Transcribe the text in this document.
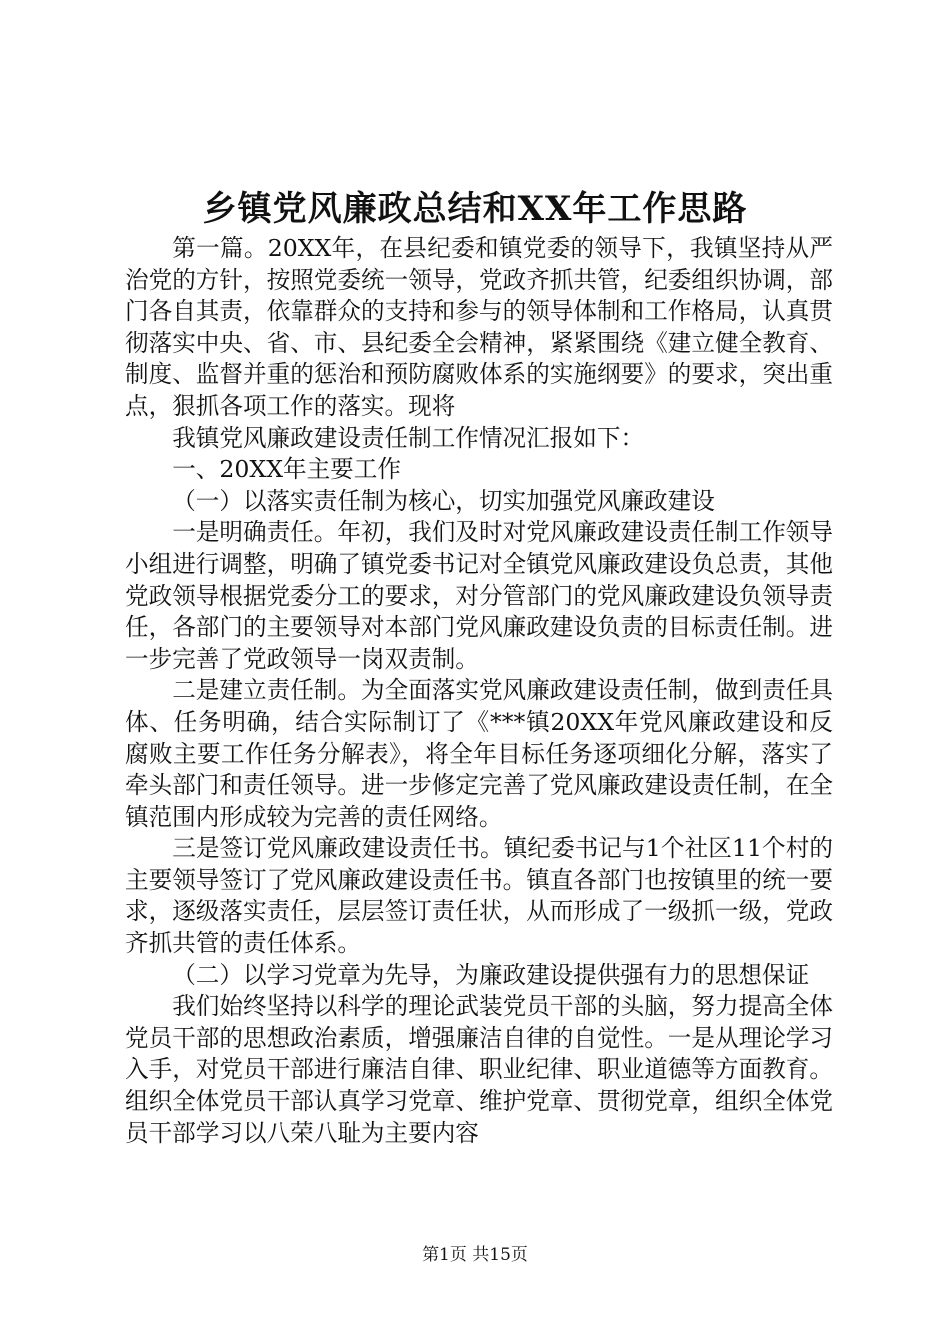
乡镇党风廉政总结和XX年工作思路

第一篇。20XX年，在县纪委和镇党委的领导下，我镇坚持从严治党的方针，按照党委统一领导，党政齐抓共管，纪委组织协调，部门各自其责，依靠群众的支持和参与的领导体制和工作格局，认真贯彻落实中央、省、市、县纪委全会精神，紧紧围绕《建立健全教育、制度、监督并重的惩治和预防腐败体系的实施纲要》的要求，突出重点，狠抓各项工作的落实。现将

我镇党风廉政建设责任制工作情况汇报如下：

一、20XX年主要工作

（一）以落实责任制为核心，切实加强党风廉政建设

一是明确责任。年初，我们及时对党风廉政建设责任制工作领导小组进行调整，明确了镇党委书记对全镇党风廉政建设负总责，其他党政领导根据党委分工的要求，对分管部门的党风廉政建设负领导责任，各部门的主要领导对本部门党风廉政建设负责的目标责任制。进一步完善了党政领导一岗双责制。

二是建立责任制。为全面落实党风廉政建设责任制，做到责任具体、任务明确，结合实际制订了《***镇20XX年党风廉政建设和反腐败主要工作任务分解表》，将全年目标任务逐项细化分解，落实了牵头部门和责任领导。进一步修定完善了党风廉政建设责任制，在全镇范围内形成较为完善的责任网络。

三是签订党风廉政建设责任书。镇纪委书记与1个社区11个村的主要领导签订了党风廉政建设责任书。镇直各部门也按镇里的统一要求，逐级落实责任，层层签订责任状，从而形成了一级抓一级，党政齐抓共管的责任体系。

（二）以学习党章为先导，为廉政建设提供强有力的思想保证

我们始终坚持以科学的理论武装党员干部的头脑，努力提高全体党员干部的思想政治素质，增强廉洁自律的自觉性。一是从理论学习入手，对党员干部进行廉洁自律、职业纪律、职业道德等方面教育。组织全体党员干部认真学习党章、维护党章、贯彻党章，组织全体党员干部学习以八荣八耻为主要内容

第1页 共15页
